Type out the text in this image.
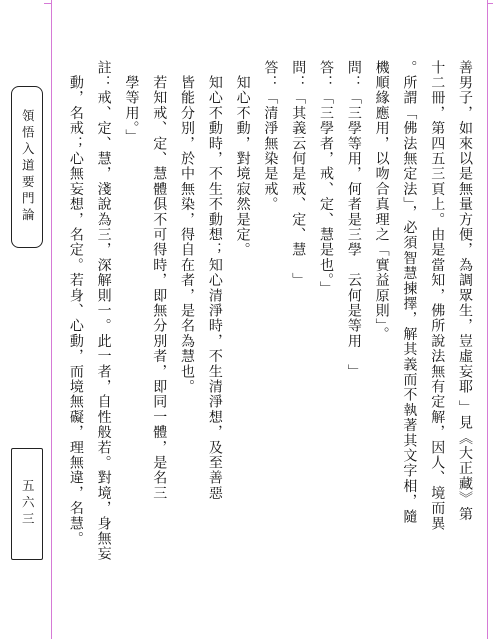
領悟入道要門論
五六三	善男子，如來以是無量方便，為調眾生，豈虛妄耶 」見《大正藏》第
十二冊，第四五三頁上。由是當知，佛所說法無有定解，因人、境而異
。所謂「佛法無定法」，必須智慧揀擇，解其義而不執著其文字相，隨
機順緣應用，以吻合真理之「實益原則」。
問：「三學等用，何者是三學　云何是等用　」
答：「三學者，戒、定、慧是也。」
問：「其義云何是戒、定、慧　」
答：「清淨無染是戒。
　知心不動，對境寂然是定。
　知心不動時，不生不動想；知心清淨時，不生清淨想，及至善惡
　皆能分別，於中無染，得自在者，是名為慧也。
　若知戒、定、慧體俱不可得時，即無分別者，即同一體，是名三
　學等用。」
註：戒、定、慧，淺說為三，深解則一。此一者，自性般若。對境，身無妄
　動，名戒；心無妄想，名定。若身、心動，而境無礙，理無違，名慧。
